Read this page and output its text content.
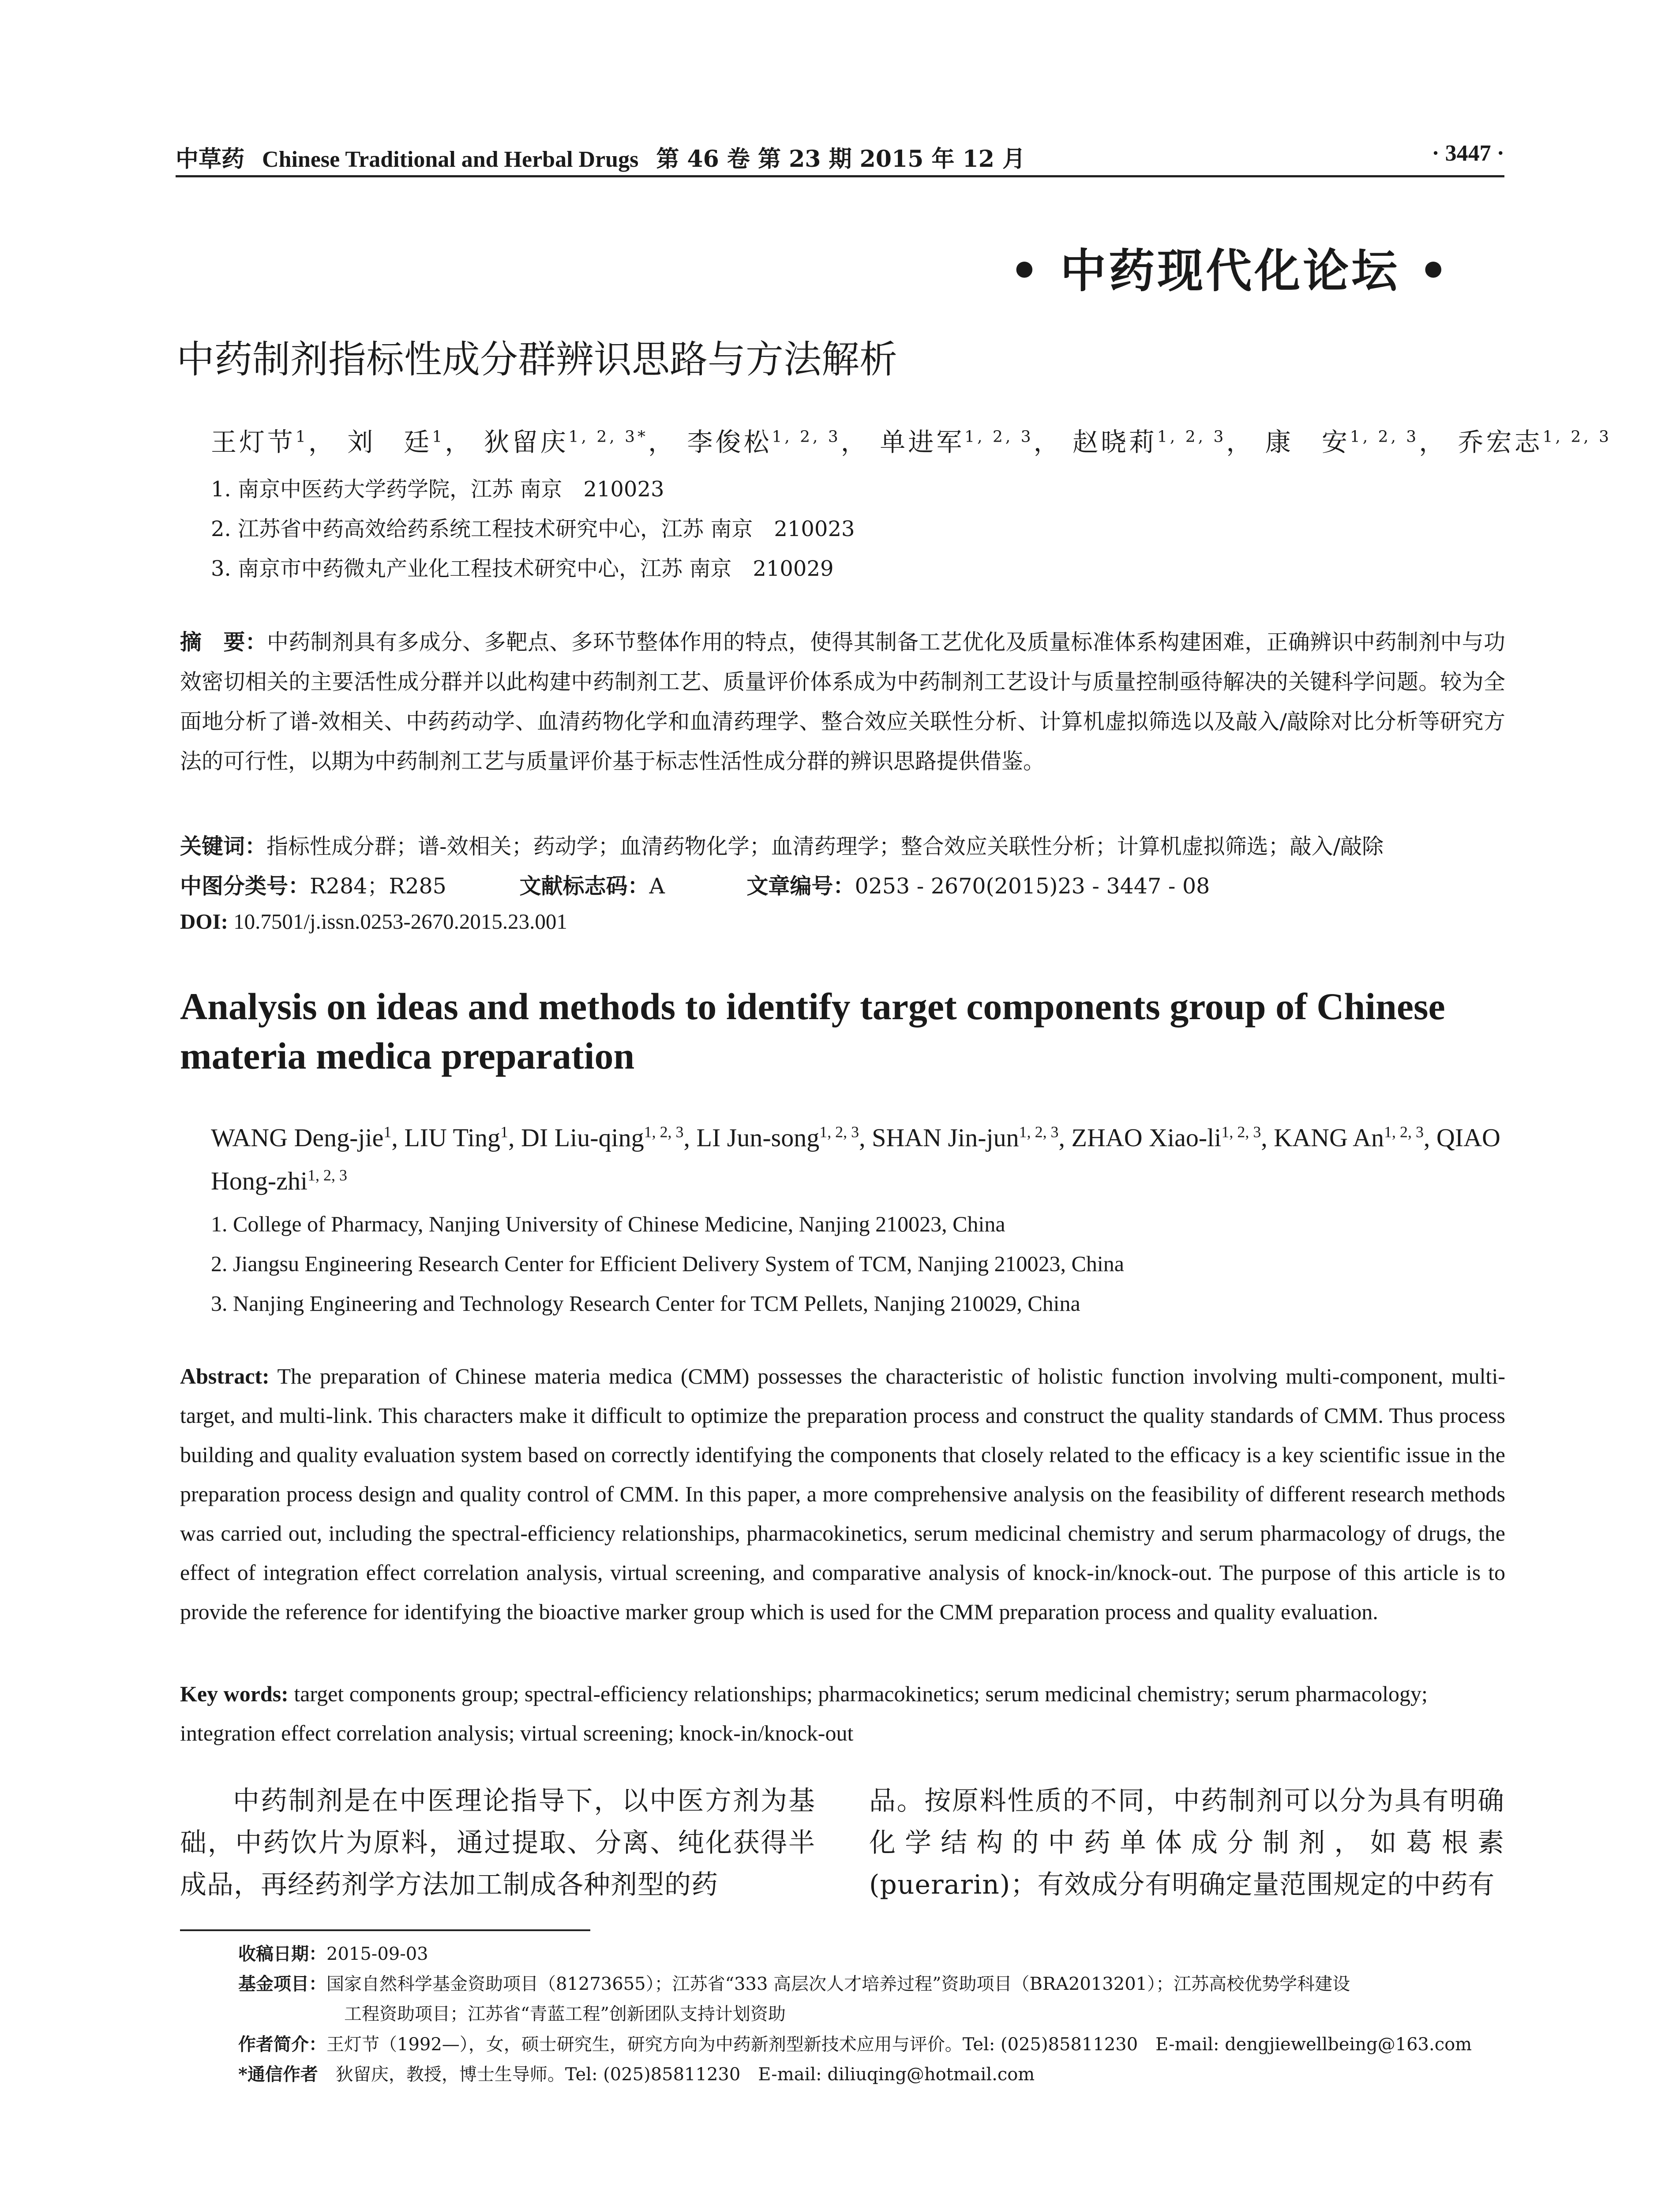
中草药 Chinese Traditional and Herbal Drugs 第 46 卷 第 23 期 2015 年 12 月	· 3447 ·
• 中药现代化论坛 •
中药制剂指标性成分群辨识思路与方法解析
王灯节$^1$， 刘　廷$^1$， 狄留庆$^{1, 2, 3*}$， 李俊松$^{1, 2, 3}$， 单进军$^{1, 2, 3}$， 赵晓莉$^{1, 2, 3}$， 康　安$^{1, 2, 3}$， 乔宏志$^{1, 2, 3}$
1. 南京中医药大学药学院，江苏 南京　210023
2. 江苏省中药高效给药系统工程技术研究中心，江苏 南京　210023
3. 南京市中药微丸产业化工程技术研究中心，江苏 南京　210029
摘　要：中药制剂具有多成分、多靶点、多环节整体作用的特点，使得其制备工艺优化及质量标准体系构建困难，正确辨识中药制剂中与功效密切相关的主要活性成分群并以此构建中药制剂工艺、质量评价体系成为中药制剂工艺设计与质量控制亟待解决的关键科学问题。较为全面地分析了谱-效相关、中药药动学、血清药物化学和血清药理学、整合效应关联性分析、计算机虚拟筛选以及敲入/敲除对比分析等研究方法的可行性，以期为中药制剂工艺与质量评价基于标志性活性成分群的辨识思路提供借鉴。
关键词：指标性成分群；谱-效相关；药动学；血清药物化学；血清药理学；整合效应关联性分析；计算机虚拟筛选；敲入/敲除
中图分类号：R284；R285	文献标志码：A	文章编号：0253 - 2670(2015)23 - 3447 - 08
DOI: 10.7501/j.issn.0253-2670.2015.23.001
Analysis on ideas and methods to identify target components group of Chinese materia medica preparation
WANG Deng-jie$^1$, LIU Ting$^1$, DI Liu-qing$^{1, 2, 3}$, LI Jun-song$^{1, 2, 3}$, SHAN Jin-jun$^{1, 2, 3}$, ZHAO Xiao-li$^{1, 2, 3}$, KANG An$^{1, 2, 3}$, QIAO Hong-zhi$^{1, 2, 3}$
1. College of Pharmacy, Nanjing University of Chinese Medicine, Nanjing 210023, China
2. Jiangsu Engineering Research Center for Efficient Delivery System of TCM, Nanjing 210023, China
3. Nanjing Engineering and Technology Research Center for TCM Pellets, Nanjing 210029, China
Abstract: The preparation of Chinese materia medica (CMM) possesses the characteristic of holistic function involving multi-component, multi-target, and multi-link. This characters make it difficult to optimize the preparation process and construct the quality standards of CMM. Thus process building and quality evaluation system based on correctly identifying the components that closely related to the efficacy is a key scientific issue in the preparation process design and quality control of CMM. In this paper, a more comprehensive analysis on the feasibility of different research methods was carried out, including the spectral-efficiency relationships, pharmacokinetics, serum medicinal chemistry and serum pharmacology of drugs, the effect of integration effect correlation analysis, virtual screening, and comparative analysis of knock-in/knock-out. The purpose of this article is to provide the reference for identifying the bioactive marker group which is used for the CMM preparation process and quality evaluation.
Key words: target components group; spectral-efficiency relationships; pharmacokinetics; serum medicinal chemistry; serum pharmacology; integration effect correlation analysis; virtual screening; knock-in/knock-out
中药制剂是在中医理论指导下，以中医方剂为基础，中药饮片为原料，通过提取、分离、纯化获得半成品，再经药剂学方法加工制成各种剂型的药
品。按原料性质的不同，中药制剂可以分为具有明确化学结构的中药单体成分制剂，如葛根素(puerarin)；有效成分有明确定量范围规定的中药有
收稿日期：2015-09-03
基金项目：国家自然科学基金资助项目（81273655）；江苏省“333 高层次人才培养过程”资助项目（BRA2013201）；江苏高校优势学科建设
工程资助项目；江苏省“青蓝工程”创新团队支持计划资助
作者简介：王灯节（1992—），女，硕士研究生，研究方向为中药新剂型新技术应用与评价。Tel: (025)85811230　E-mail: dengjiewellbeing@163.com
*通信作者　 狄留庆，教授，博士生导师。Tel: (025)85811230　E-mail: diliuqing@hotmail.com
